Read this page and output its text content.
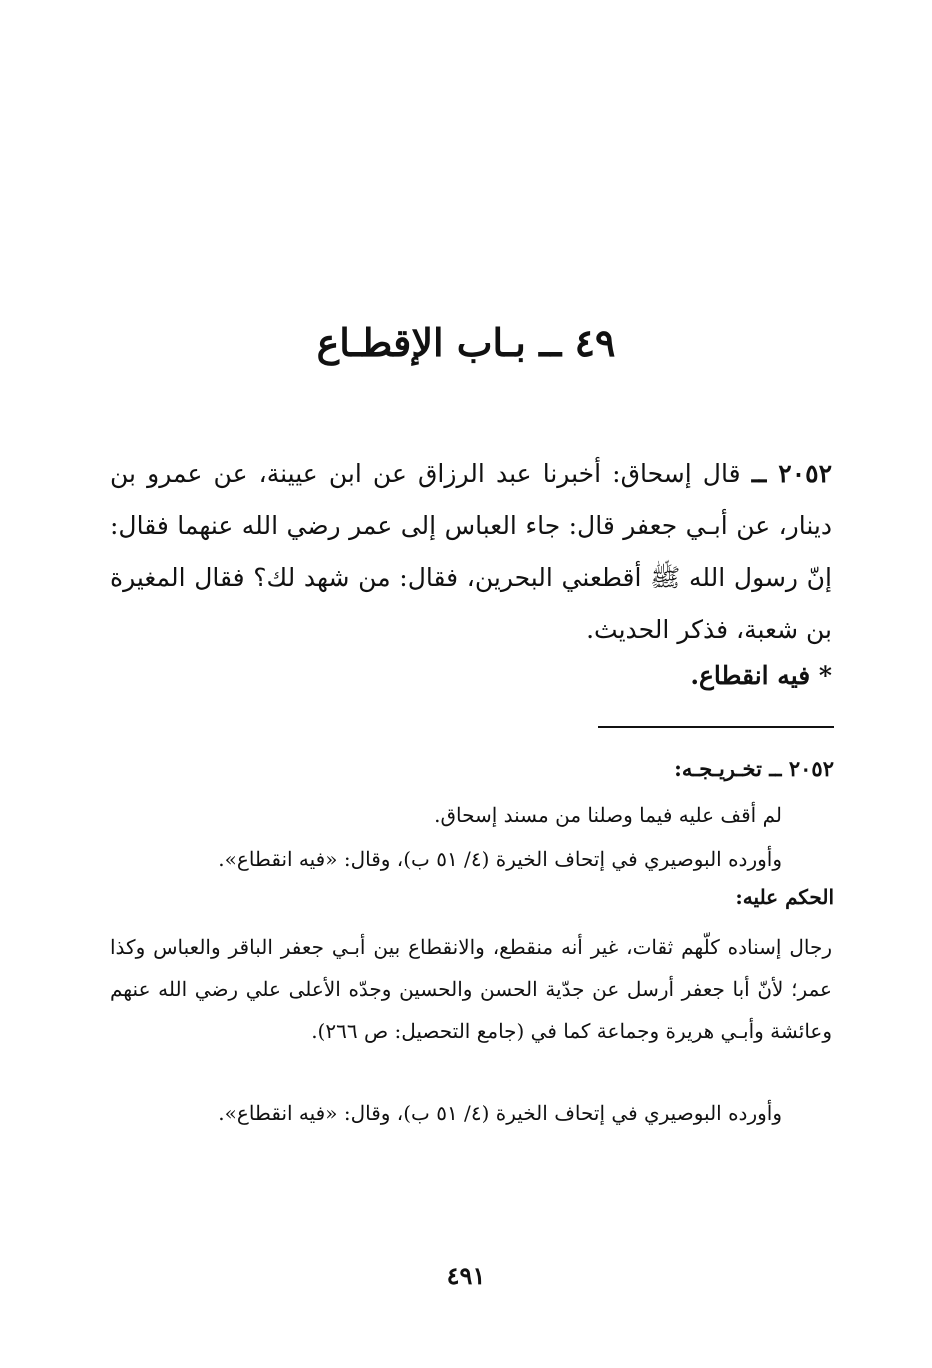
٤٩ ــ بـاب الإقطـاع
٢٠٥٢ ــ قال إسحاق: أخبرنا عبد الرزاق عن ابن عيينة، عن عمرو بن دينار، عن أبـي جعفر قال: جاء العباس إلى عمر رضي الله عنهما فقال: إنّ رسول الله ﷺ أقطعني البحرين، فقال: من شهد لك؟ فقال المغيرة بن شعبة، فذكر الحديث.
* فيه انقطاع.
٢٠٥٢ ــ تخـريـجـه:
لم أقف عليه فيما وصلنا من مسند إسحاق.
وأورده البوصيري في إتحاف الخيرة (٤/ ٥١ ب)، وقال: «فيه انقطاع».
الحكم عليه:
رجال إسناده كلّهم ثقات، غير أنه منقطع، والانقطاع بين أبـي جعفر الباقر والعباس وكذا عمر؛ لأنّ أبا جعفر أرسل عن جدّية الحسن والحسين وجدّه الأعلى علي رضي الله عنهم وعائشة وأبـي هريرة وجماعة كما في (جامع التحصيل: ص ٢٦٦).
وأورده البوصيري في إتحاف الخيرة (٤/ ٥١ ب)، وقال: «فيه انقطاع».
٤٩١
